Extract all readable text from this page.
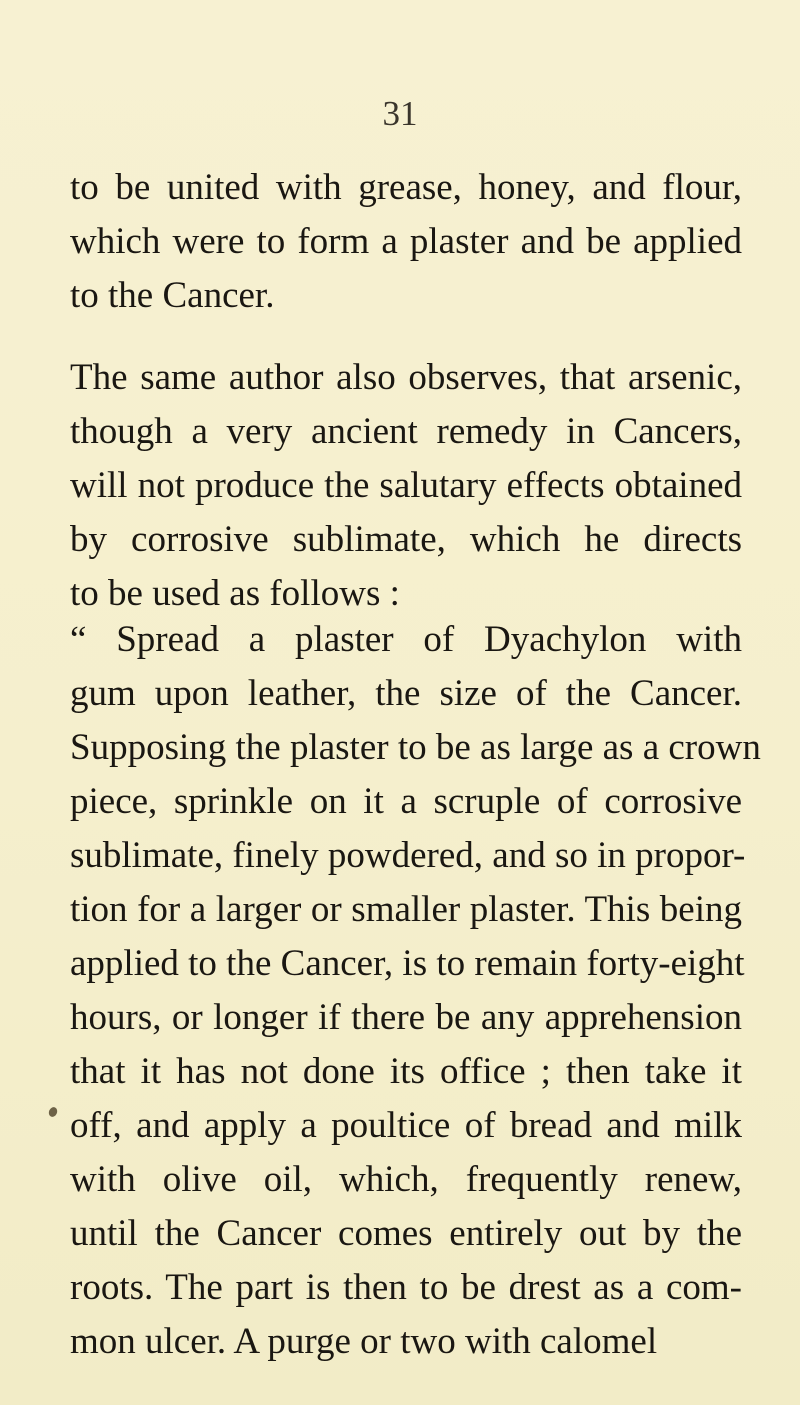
31
to be united with grease, honey, and flour,
which were to form a plaster and be applied
to the Cancer.
The same author also observes, that arsenic,
though a very ancient remedy in Cancers,
will not produce the salutary effects obtained
by corrosive sublimate, which he directs
to be used as follows :
“ Spread a plaster of Dyachylon with
gum upon leather, the size of the Cancer.
Supposing the plaster to be as large as a crown
piece, sprinkle on it a scruple of corrosive
sublimate, finely powdered, and so in propor-
tion for a larger or smaller plaster. This being
applied to the Cancer, is to remain forty-eight
hours, or longer if there be any apprehension
that it has not done its office ; then take it
off, and apply a poultice of bread and milk
with olive oil, which, frequently renew,
until the Cancer comes entirely out by the
roots. The part is then to be drest as a com-
mon ulcer. A purge or two with calomel
